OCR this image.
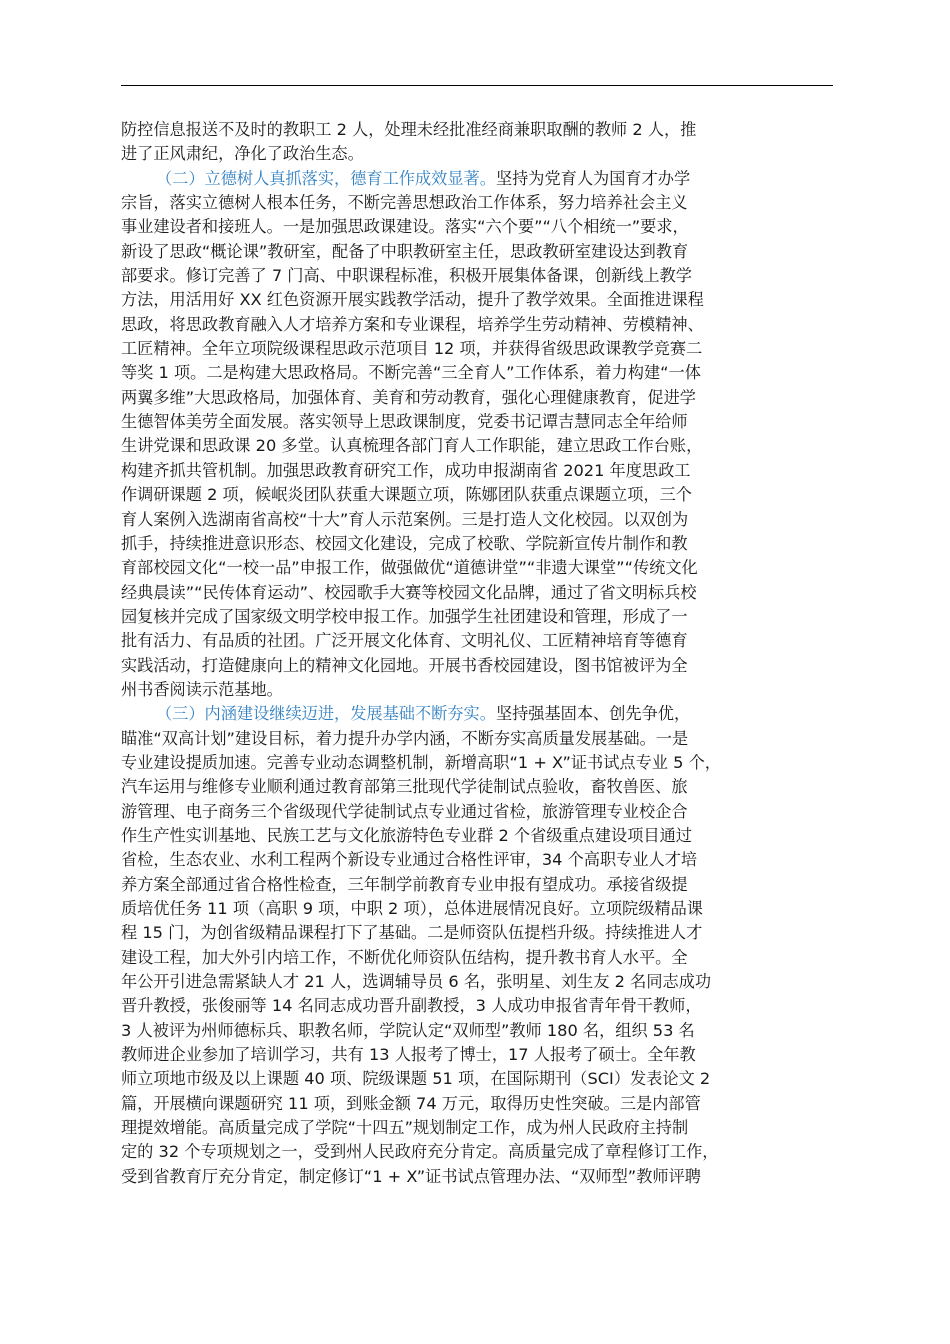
防控信息报送不及时的教职工 2 人，处理未经批准经商兼职取酬的教师 2 人，推
进了正风肃纪，净化了政治生态。
（二）立德树人真抓落实，德育工作成效显著。坚持为党育人为国育才办学
宗旨，落实立德树人根本任务，不断完善思想政治工作体系，努力培养社会主义
事业建设者和接班人。一是加强思政课建设。落实“六个要”“八个相统一”要求，
新设了思政“概论课”教研室，配备了中职教研室主任，思政教研室建设达到教育
部要求。修订完善了 7 门高、中职课程标准，积极开展集体备课，创新线上教学
方法，用活用好 XX 红色资源开展实践教学活动，提升了教学效果。全面推进课程
思政，将思政教育融入人才培养方案和专业课程，培养学生劳动精神、劳模精神、
工匠精神。全年立项院级课程思政示范项目 12 项，并获得省级思政课教学竞赛二
等奖 1 项。二是构建大思政格局。不断完善“三全育人”工作体系，着力构建“一体
两翼多维”大思政格局，加强体育、美育和劳动教育，强化心理健康教育，促进学
生德智体美劳全面发展。落实领导上思政课制度，党委书记谭吉慧同志全年给师
生讲党课和思政课 20 多堂。认真梳理各部门育人工作职能，建立思政工作台账，
构建齐抓共管机制。加强思政教育研究工作，成功申报湖南省 2021 年度思政工
作调研课题 2 项，候岷炎团队获重大课题立项，陈娜团队获重点课题立项，三个
育人案例入选湖南省高校“十大”育人示范案例。三是打造人文化校园。以双创为
抓手，持续推进意识形态、校园文化建设，完成了校歌、学院新宣传片制作和教
育部校园文化“一校一品”申报工作，做强做优“道德讲堂”“非遗大课堂”“传统文化
经典晨读”“民传体育运动”、校园歌手大赛等校园文化品牌，通过了省文明标兵校
园复核并完成了国家级文明学校申报工作。加强学生社团建设和管理，形成了一
批有活力、有品质的社团。广泛开展文化体育、文明礼仪、工匠精神培育等德育
实践活动，打造健康向上的精神文化园地。开展书香校园建设，图书馆被评为全
州书香阅读示范基地。
（三）内涵建设继续迈进，发展基础不断夯实。坚持强基固本、创先争优，
瞄准“双高计划”建设目标，着力提升办学内涵，不断夯实高质量发展基础。一是
专业建设提质加速。完善专业动态调整机制，新增高职“1 + X”证书试点专业 5 个，
汽车运用与维修专业顺利通过教育部第三批现代学徒制试点验收，畜牧兽医、旅
游管理、电子商务三个省级现代学徒制试点专业通过省检，旅游管理专业校企合
作生产性实训基地、民族工艺与文化旅游特色专业群 2 个省级重点建设项目通过
省检，生态农业、水利工程两个新设专业通过合格性评审，34 个高职专业人才培
养方案全部通过省合格性检查，三年制学前教育专业申报有望成功。承接省级提
质培优任务 11 项（高职 9 项，中职 2 项），总体进展情况良好。立项院级精品课
程 15 门，为创省级精品课程打下了基础。二是师资队伍提档升级。持续推进人才
建设工程，加大外引内培工作，不断优化师资队伍结构，提升教书育人水平。全
年公开引进急需紧缺人才 21 人，选调辅导员 6 名，张明星、刘生友 2 名同志成功
晋升教授，张俊丽等 14 名同志成功晋升副教授，3 人成功申报省青年骨干教师，
3 人被评为州师德标兵、职教名师，学院认定“双师型”教师 180 名，组织 53 名
教师进企业参加了培训学习，共有 13 人报考了博士，17 人报考了硕士。全年教
师立项地市级及以上课题 40 项、院级课题 51 项，在国际期刊（SCI）发表论文 2
篇，开展横向课题研究 11 项，到账金额 74 万元，取得历史性突破。三是内部管
理提效增能。高质量完成了学院“十四五”规划制定工作，成为州人民政府主持制
定的 32 个专项规划之一，受到州人民政府充分肯定。高质量完成了章程修订工作，
受到省教育厅充分肯定，制定修订“1 + X”证书试点管理办法、“双师型”教师评聘
